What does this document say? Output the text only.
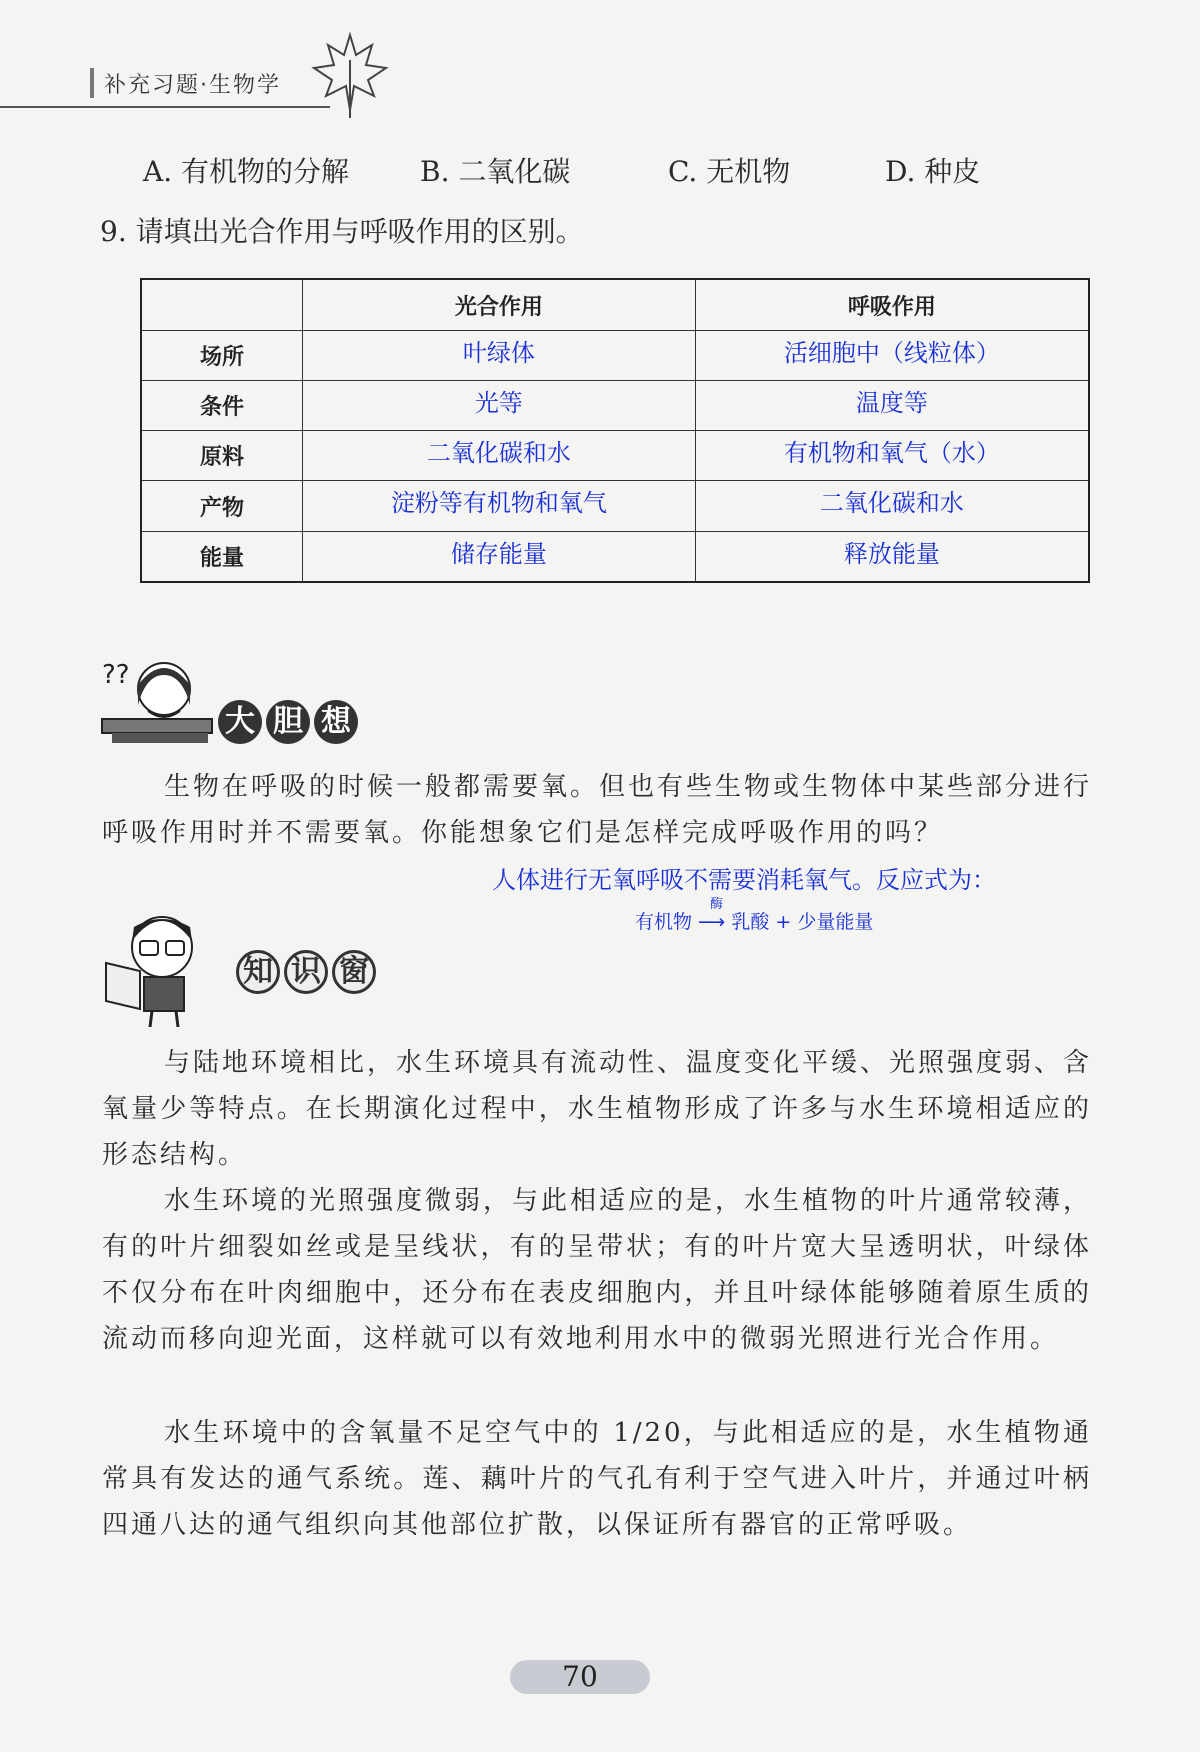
补充习题·生物学
A. 有机物的分解	B. 二氧化碳	C. 无机物	D. 种皮
9. 请填出光合作用与呼吸作用的区别。
	光合作用	呼吸作用
场所	叶绿体	活细胞中（线粒体）
条件	光等	温度等
原料	二氧化碳和水	有机物和氧气（水）
产物	淀粉等有机物和氧气	二氧化碳和水
能量	储存能量	释放能量
??
大 胆 想
生物在呼吸的时候一般都需要氧。但也有些生物或生物体中某些部分进行呼吸作用时并不需要氧。你能想象它们是怎样完成呼吸作用的吗？
人体进行无氧呼吸不需要消耗氧气。反应式为：
酶
有机物 ⟶ 乳酸 + 少量能量
知 识 窗
与陆地环境相比，水生环境具有流动性、温度变化平缓、光照强度弱、含氧量少等特点。在长期演化过程中，水生植物形成了许多与水生环境相适应的形态结构。
水生环境的光照强度微弱，与此相适应的是，水生植物的叶片通常较薄，有的叶片细裂如丝或是呈线状，有的呈带状；有的叶片宽大呈透明状，叶绿体不仅分布在叶肉细胞中，还分布在表皮细胞内，并且叶绿体能够随着原生质的流动而移向迎光面，这样就可以有效地利用水中的微弱光照进行光合作用。
水生环境中的含氧量不足空气中的 1/20，与此相适应的是，水生植物通常具有发达的通气系统。莲、藕叶片的气孔有利于空气进入叶片，并通过叶柄四通八达的通气组织向其他部位扩散，以保证所有器官的正常呼吸。
70
